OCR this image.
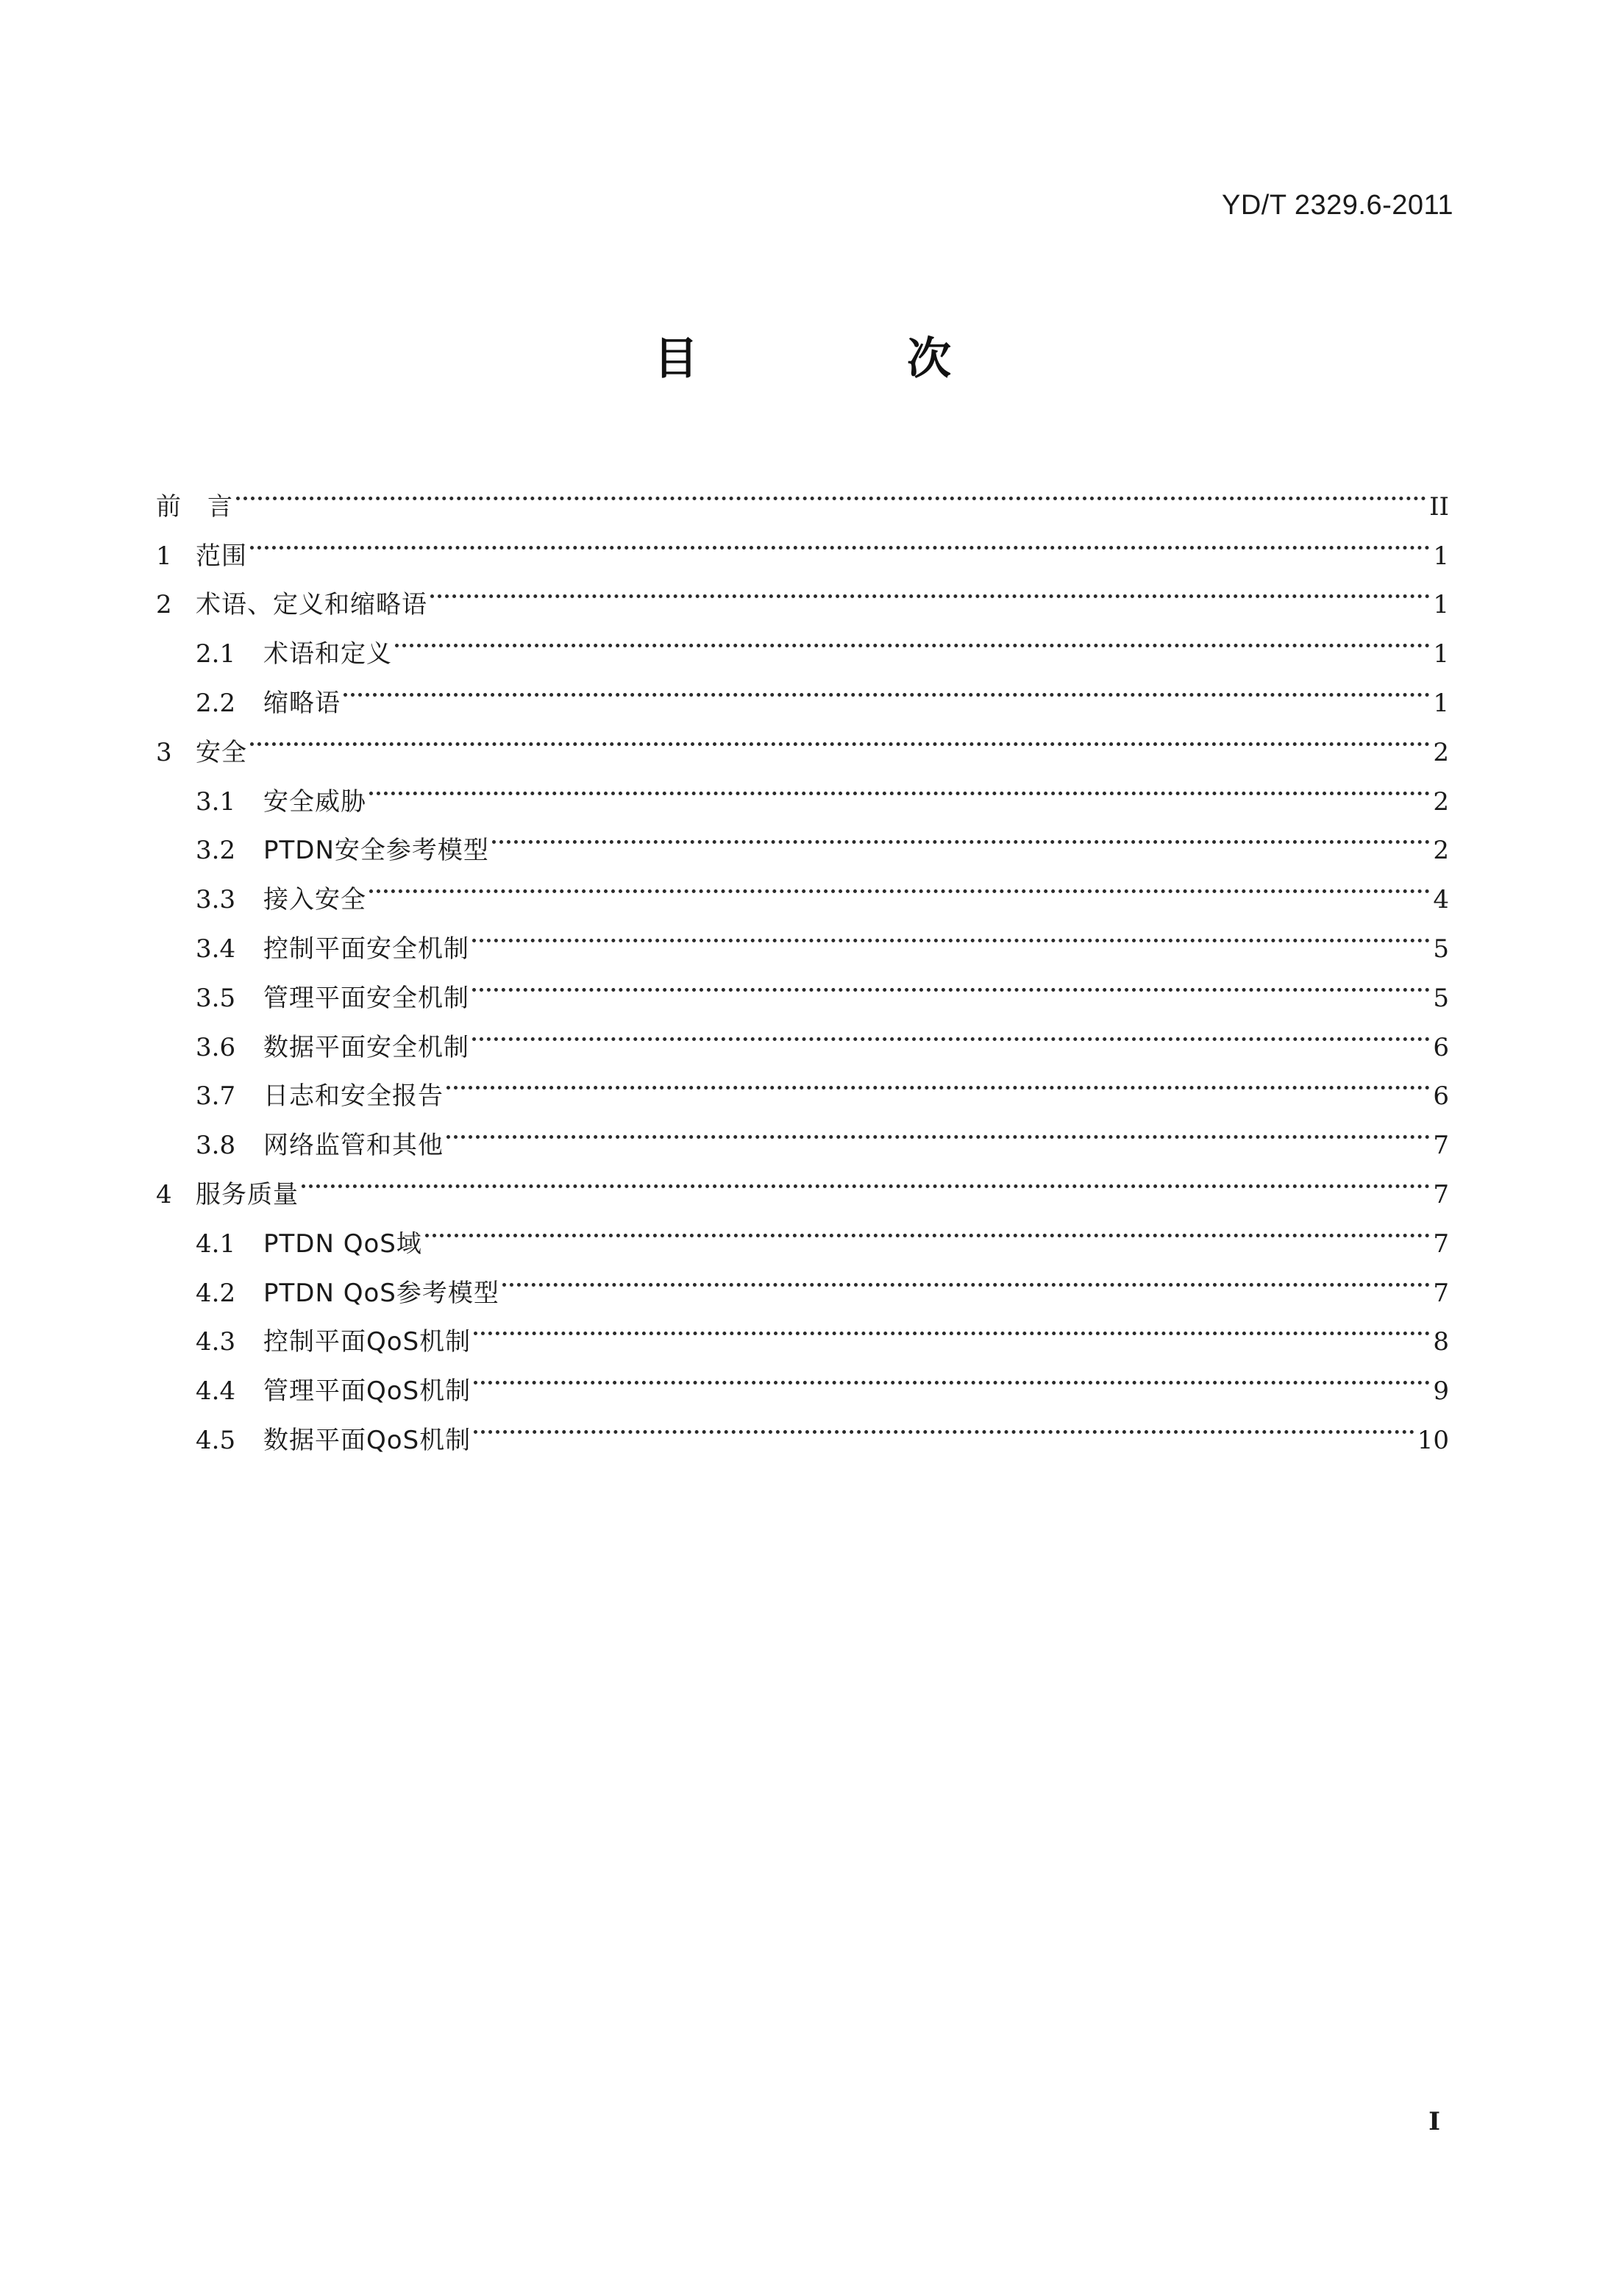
YD/T 2329.6-2011
目　次
前　言	II
1 范围	1
2 术语、定义和缩略语	1
2.1	术语和定义	1
2.2	缩略语	1
3 安全	2
3.1	安全威胁	2
3.2	PTDN安全参考模型	2
3.3	接入安全	4
3.4	控制平面安全机制	5
3.5	管理平面安全机制	5
3.6	数据平面安全机制	6
3.7	日志和安全报告	6
3.8	网络监管和其他	7
4 服务质量	7
4.1	PTDN QoS域	7
4.2	PTDN QoS参考模型	7
4.3	控制平面QoS机制	8
4.4	管理平面QoS机制	9
4.5	数据平面QoS机制	10
I
